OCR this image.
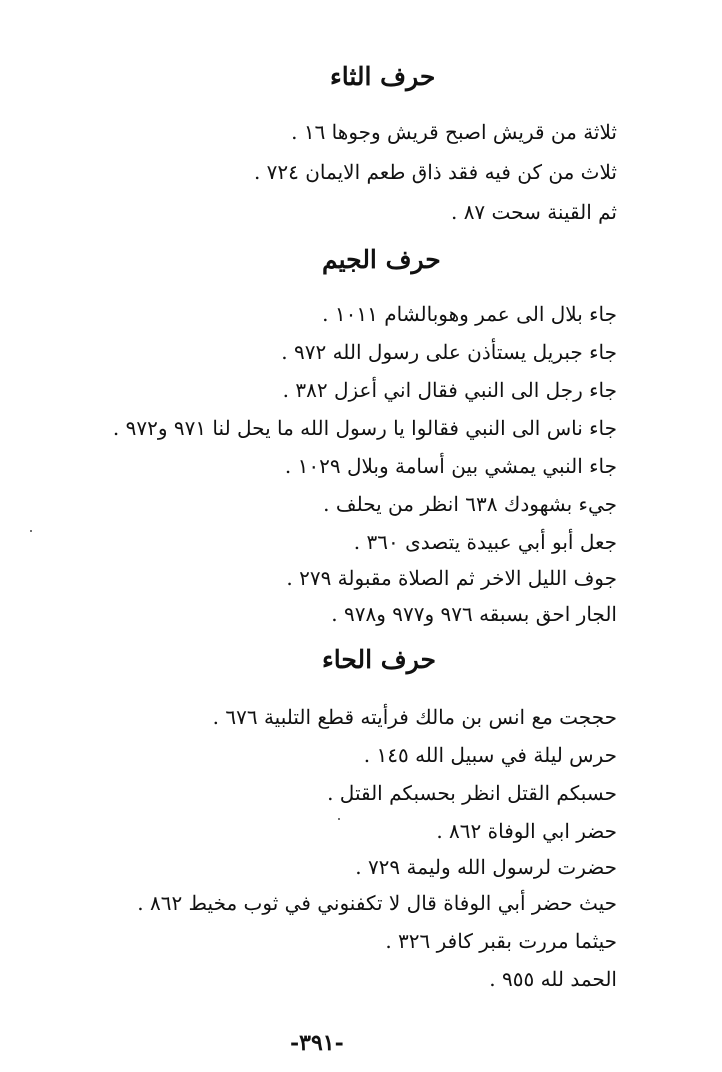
حرف الثاء
ثلاثة من قريش اصبح قريش وجوها ١٦ .
ثلاث من كن فيه فقد ذاق طعم الايمان ٧٢٤ .
ثم القينة سحت ٨٧ .
حرف الجيم
جاء بلال الى عمر وهوبالشام ١٠١١ .
جاء جبريل يستأذن على رسول الله ٩٧٢ .
جاء رجل الى النبي فقال اني أعزل ٣٨٢ .
جاء ناس الى النبي فقالوا يا رسول الله ما يحل لنا ٩٧١ و٩٧٢ .
جاء النبي يمشي بين أسامة وبلال ١٠٢٩ .
جيء بشهودك ٦٣٨ انظر من يحلف .
جعل أبو أبي عبيدة يتصدى ٣٦٠ .
جوف الليل الاخر ثم الصلاة مقبولة ٢٧٩ .
الجار احق بسبقه ٩٧٦ و٩٧٧ و٩٧٨ .
حرف الحاء
حججت مع انس بن مالك فرأيته قطع التلبية ٦٧٦ .
حرس ليلة في سبيل الله ١٤٥ .
حسبكم القتل انظر بحسبكم القتل .
حضر ابي الوفاة ٨٦٢ .
حضرت لرسول الله وليمة ٧٢٩ .
حيث حضر أبي الوفاة قال لا تكفنوني في ثوب مخيط ٨٦٢ .
حيثما مررت بقبر كافر ٣٢٦ .
الحمد لله ٩٥٥ .
-٣٩١-
